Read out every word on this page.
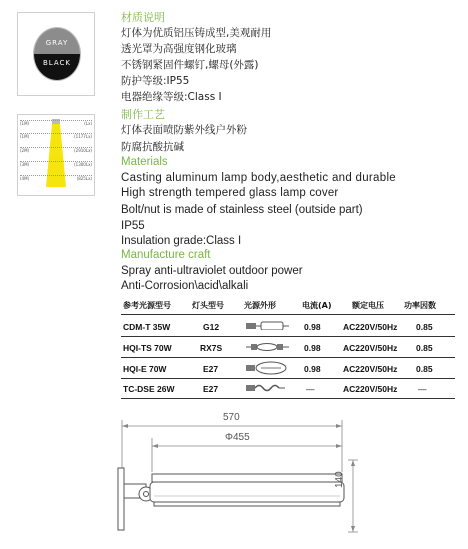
GRAY
BLACK
(1M)	(Lx)
(1M)	(1177Lx)
(2M)	(2910Lx)
(3M)	(1300Lx)
(4M)	(825Lx)
材质说明
灯体为优质铝压铸成型,美观耐用
透光罩为高强度钢化玻璃
不锈钢紧固件螺钉,螺母(外露)
防护等级:IP55
电器绝缘等级:Class Ⅰ
制作工艺
灯体表面喷防紫外线户外粉
防腐抗酸抗碱
Materials
Casting aluminum lamp body,aesthetic and durable
High strength tempered glass lamp cover
Bolt/nut is made of stainless steel (outside part)
IP55
Insulation grade:Class I
Manufacture craft
Spray anti-ultraviolet outdoor power
Anti-Corrosion\acid\alkali
参考光源型号	灯头型号	光源外形	电流(A)	额定电压	功率因数
CDM-T 35W	G12	0.98	AC220V/50Hz 0.85
HQI-TS 70W	RX7S	0.98	AC220V/50Hz 0.85
HQI-E 70W	E27	0.98	AC220V/50Hz 0.85
TC-DSE 26W	E27	—	AC220V/50Hz —
570
Φ455
140
